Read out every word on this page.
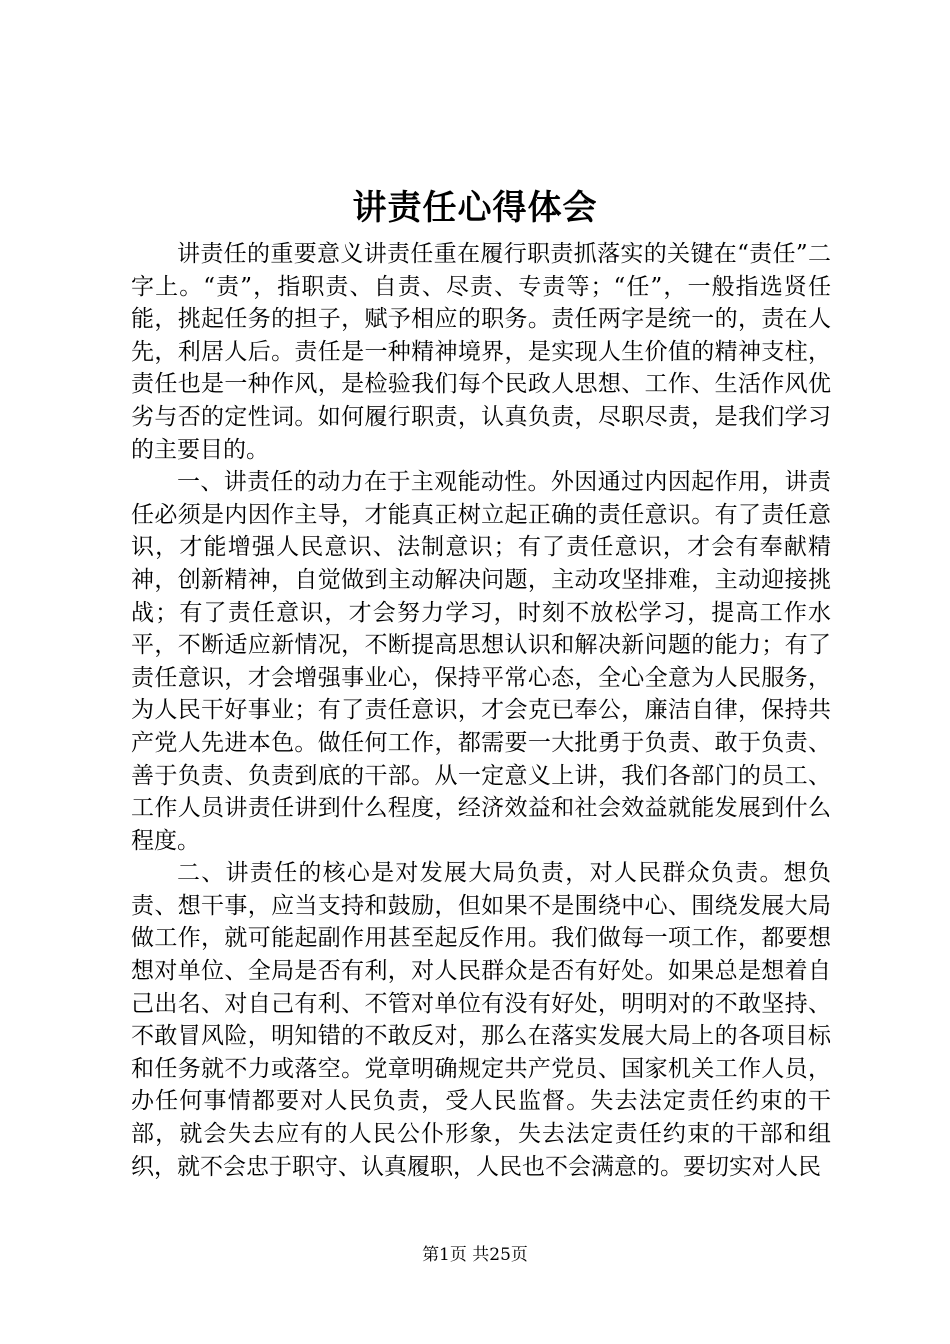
讲责任心得体会

讲责任的重要意义讲责任重在履行职责抓落实的关键在“责任”二字上。“责”，指职责、自责、尽责、专责等；“任”，一般指选贤任能，挑起任务的担子，赋予相应的职务。责任两字是统一的，责在人先，利居人后。责任是一种精神境界，是实现人生价值的精神支柱，责任也是一种作风，是检验我们每个民政人思想、工作、生活作风优劣与否的定性词。如何履行职责，认真负责，尽职尽责，是我们学习的主要目的。

一、讲责任的动力在于主观能动性。外因通过内因起作用，讲责任必须是内因作主导，才能真正树立起正确的责任意识。有了责任意识，才能增强人民意识、法制意识；有了责任意识，才会有奉献精神，创新精神，自觉做到主动解决问题，主动攻坚排难，主动迎接挑战；有了责任意识，才会努力学习，时刻不放松学习，提高工作水平，不断适应新情况，不断提高思想认识和解决新问题的能力；有了责任意识，才会增强事业心，保持平常心态，全心全意为人民服务，为人民干好事业；有了责任意识，才会克已奉公，廉洁自律，保持共产党人先进本色。做任何工作，都需要一大批勇于负责、敢于负责、善于负责、负责到底的干部。从一定意义上讲，我们各部门的员工、工作人员讲责任讲到什么程度，经济效益和社会效益就能发展到什么程度。

二、讲责任的核心是对发展大局负责，对人民群众负责。想负责、想干事，应当支持和鼓励，但如果不是围绕中心、围绕发展大局做工作，就可能起副作用甚至起反作用。我们做每一项工作，都要想想对单位、全局是否有利，对人民群众是否有好处。如果总是想着自己出名、对自己有利、不管对单位有没有好处，明明对的不敢坚持、不敢冒风险，明知错的不敢反对，那么在落实发展大局上的各项目标和任务就不力或落空。党章明确规定共产党员、国家机关工作人员，办任何事情都要对人民负责，受人民监督。失去法定责任约束的干部，就会失去应有的人民公仆形象，失去法定责任约束的干部和组织，就不会忠于职守、认真履职，人民也不会满意的。要切实对人民

第1页 共25页
